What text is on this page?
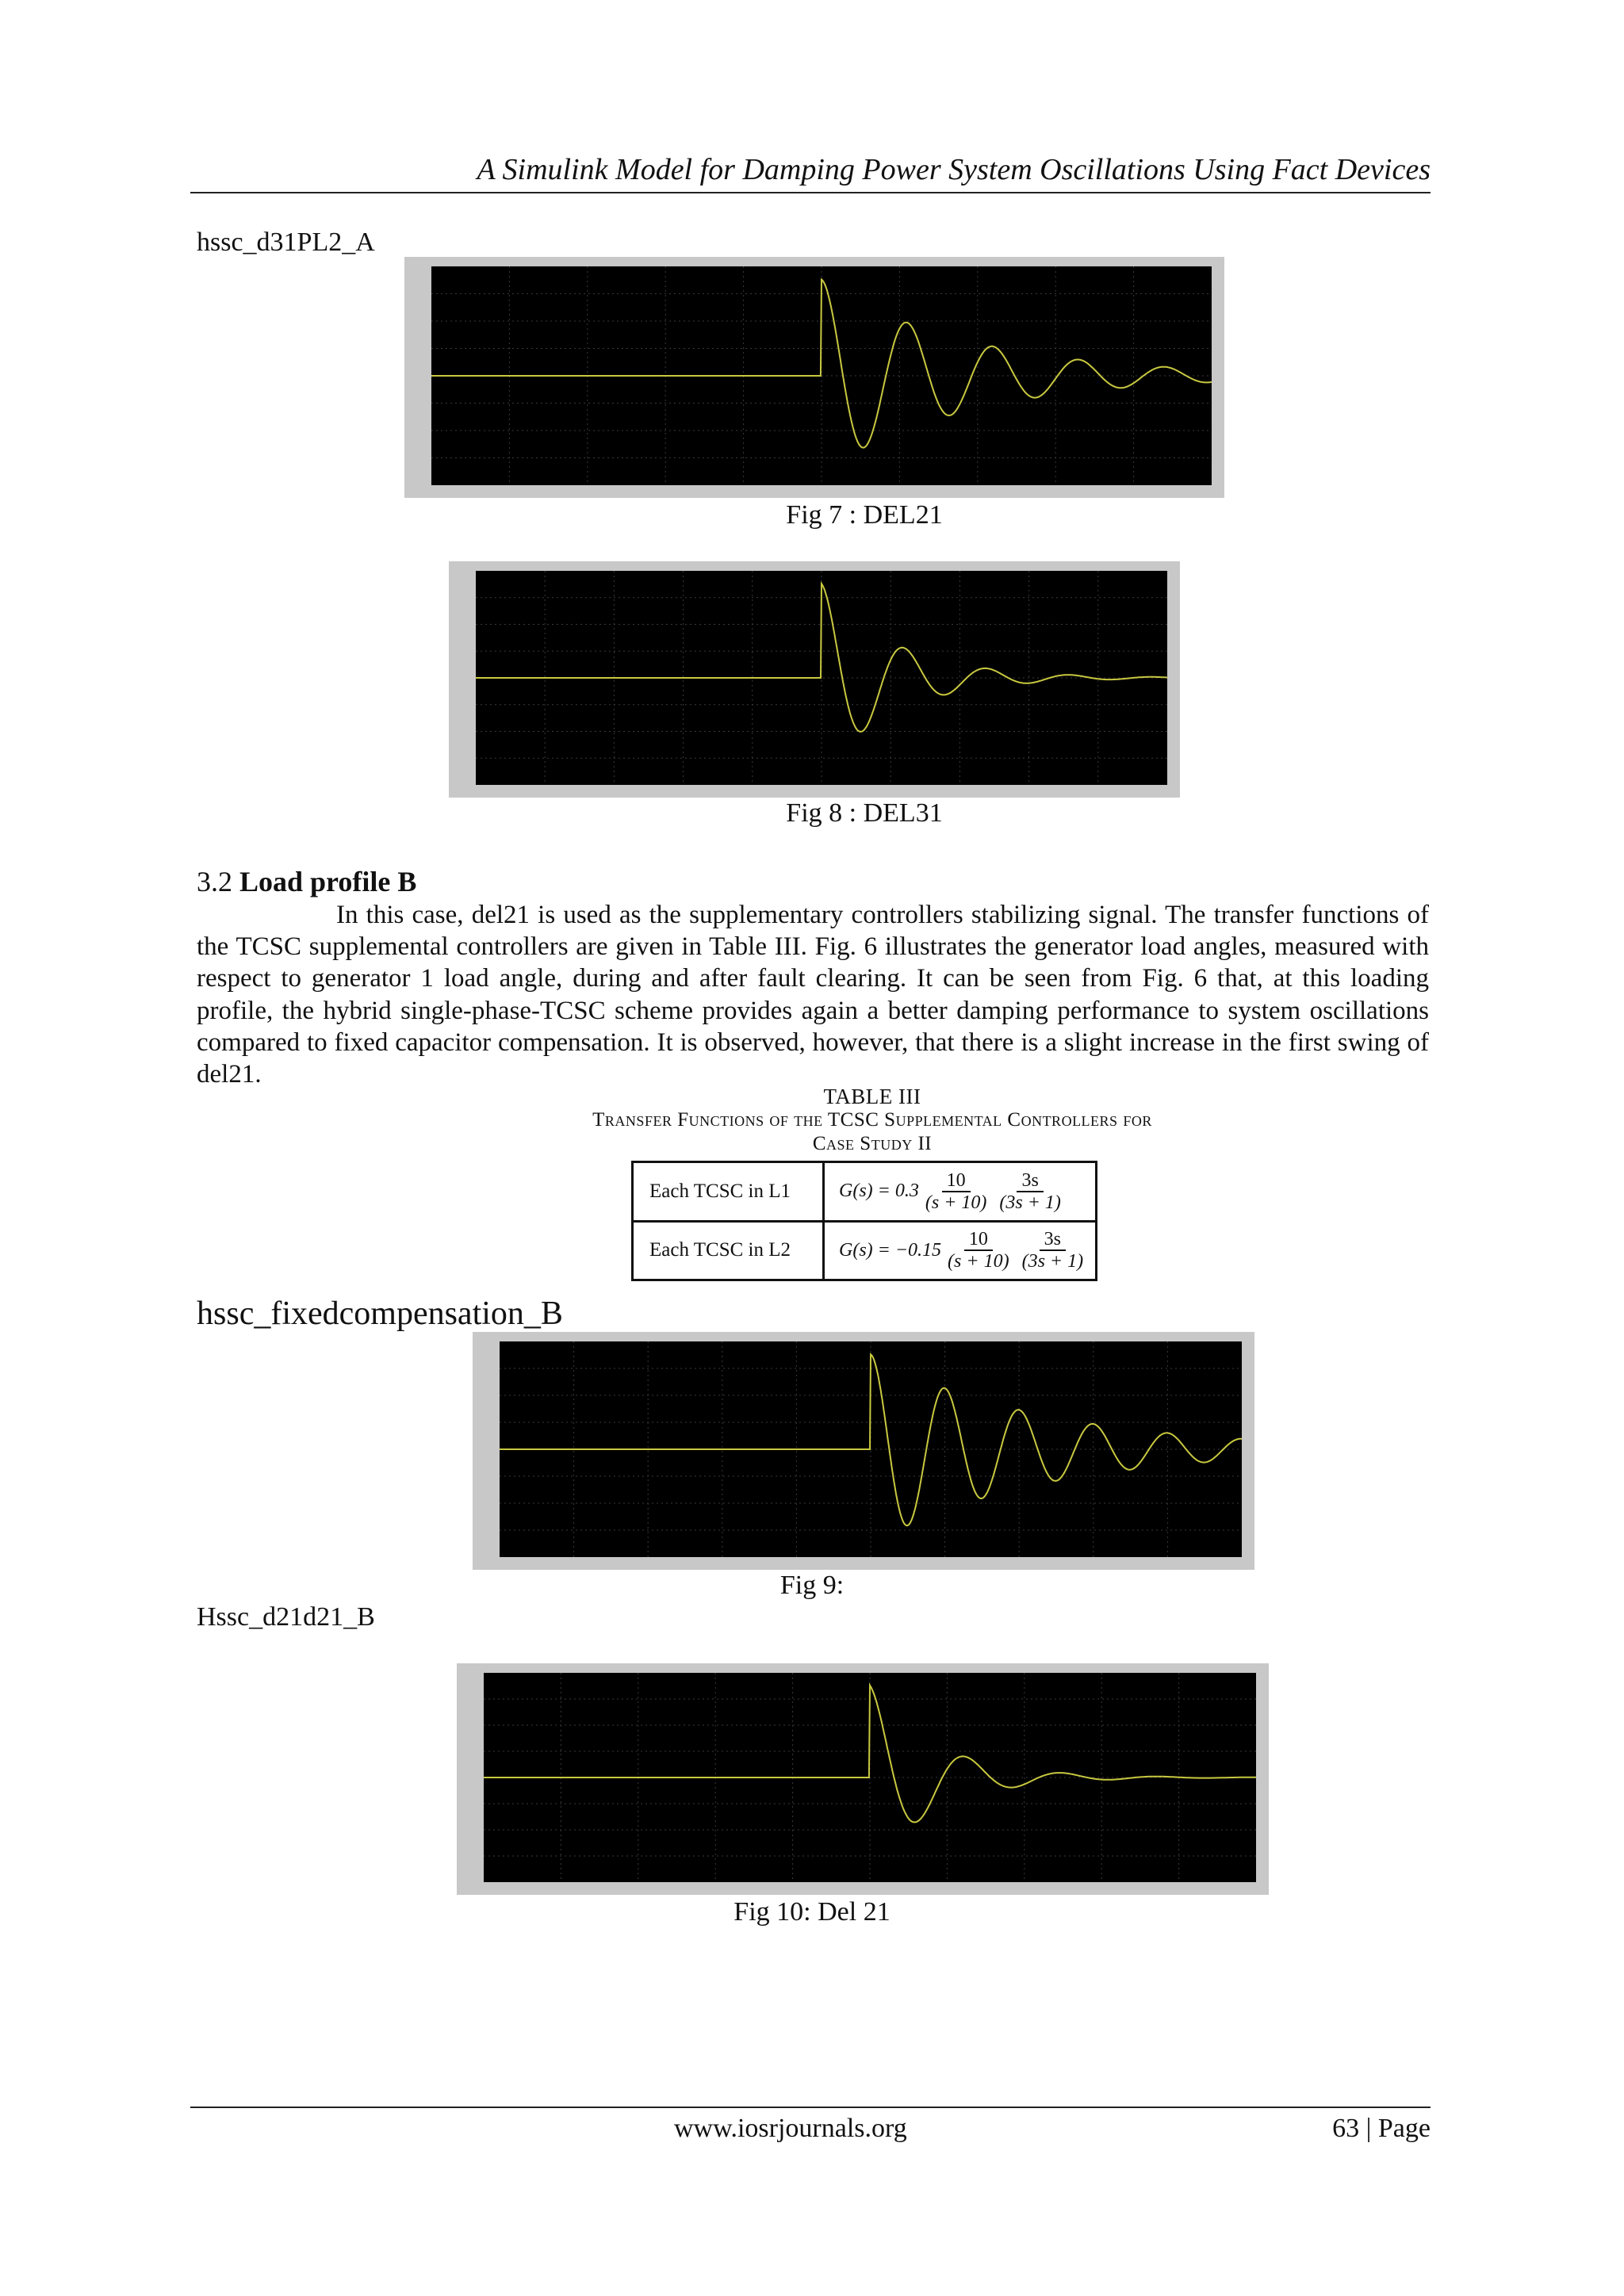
A Simulink Model for Damping Power System Oscillations Using Fact Devices
hssc_d31PL2_A
Fig 7 : DEL21
Fig 8 : DEL31
3.2 Load profile B
In this case, del21 is used as the supplementary controllers stabilizing signal. The transfer functions of the TCSC supplemental controllers are given in Table III. Fig. 6 illustrates the generator load angles, measured with respect to generator 1 load angle, during and after fault clearing. It can be seen from Fig. 6 that, at this loading profile, the hybrid single-phase-TCSC scheme provides again a better damping performance to system oscillations compared to fixed capacitor compensation. It is observed, however, that there is a slight increase in the first swing of del21.
TABLE III
Transfer Functions of the TCSC Supplemental Controllers for
Case Study II
Each TCSC in L1	$G(s) = 0.3 \frac{10}{(s + 10)} \frac{3s}{(3s + 1)}$

Each TCSC in L2	$G(s) = -0.15 \frac{10}{(s + 10)} \frac{3s}{(3s + 1)}$
hssc_fixedcompensation_B
Fig 9:
Hssc_d21d21_B
Fig 10: Del 21
www.iosrjournals.org	63 | Page
